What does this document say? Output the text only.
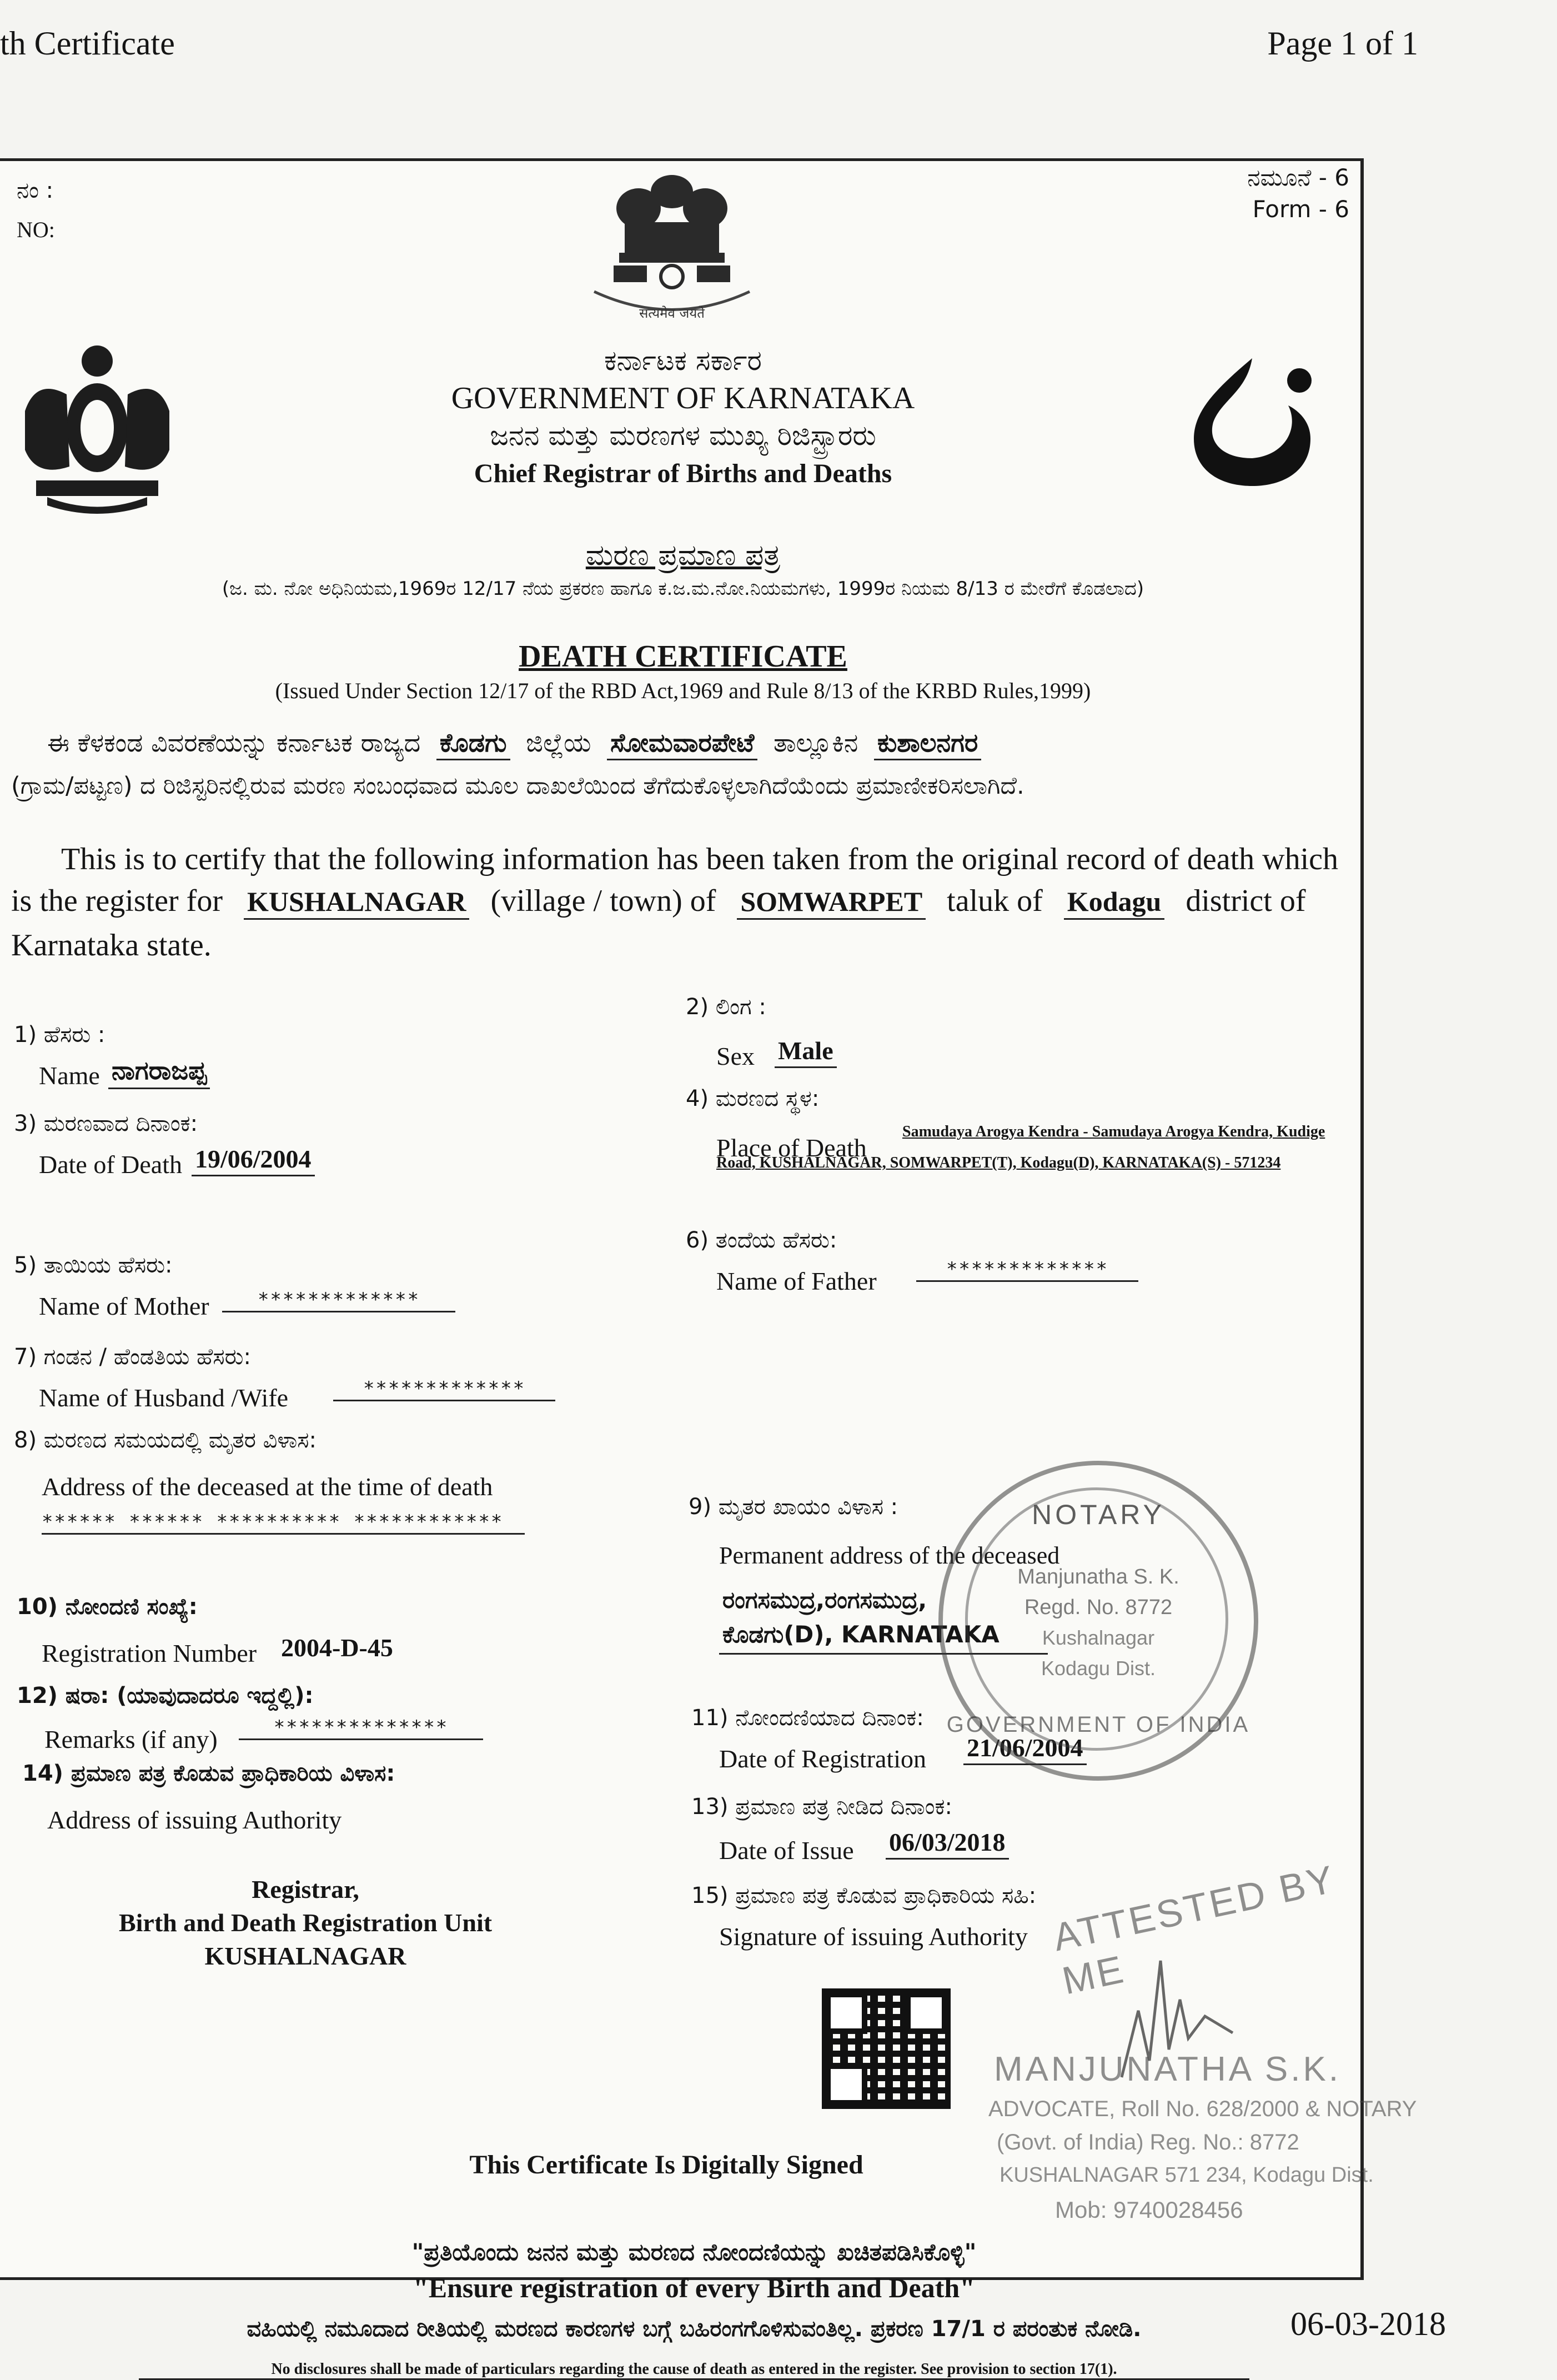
th Certificate	Page 1 of 1
ನಂ :
NO:
ನಮೂನೆ - 6
Form - 6
सत्यमेव जयते
ಕರ್ನಾಟಕ ಸರ್ಕಾರ
GOVERNMENT OF KARNATAKA
ಜನನ ಮತ್ತು ಮರಣಗಳ ಮುಖ್ಯ ರಿಜಿಸ್ಟ್ರಾರರು
Chief Registrar of Births and Deaths
ಮರಣ ಪ್ರಮಾಣ ಪತ್ರ
(ಜ. ಮ. ನೋ ಅಧಿನಿಯಮ,1969ರ 12/17 ನೆಯ ಪ್ರಕರಣ ಹಾಗೂ ಕ.ಜ.ಮ.ನೋ.ನಿಯಮಗಳು, 1999ರ ನಿಯಮ 8/13 ರ ಮೇರೆಗೆ ಕೊಡಲಾದ)
DEATH CERTIFICATE
(Issued Under Section 12/17 of the RBD Act,1969 and Rule 8/13 of the KRBD Rules,1999)
ಈ ಕೆಳಕಂಡ ವಿವರಣೆಯನ್ನು ಕರ್ನಾಟಕ ರಾಜ್ಯದ ಕೊಡಗು ಜಿಲ್ಲೆಯ ಸೋಮವಾರಪೇಟೆ ತಾಲ್ಲೂಕಿನ ಕುಶಾಲನಗರ
(ಗ್ರಾಮ/ಪಟ್ಟಣ) ದ ರಿಜಿಸ್ಟರಿನಲ್ಲಿರುವ ಮರಣ ಸಂಬಂಧವಾದ ಮೂಲ ದಾಖಲೆಯಿಂದ ತೆಗೆದುಕೊಳ್ಳಲಾಗಿದೆಯೆಂದು ಪ್ರಮಾಣೀಕರಿಸಲಾಗಿದೆ.
This is to certify that the following information has been taken from the original record of death which
is the register for KUSHALNAGAR (village / town) of SOMWARPET taluk of Kodagu district of
Karnataka state.
1) ಹೆಸರು :
Name ನಾಗರಾಜಪ್ಪ
3) ಮರಣವಾದ ದಿನಾಂಕ:
Date of Death 19/06/2004
5) ತಾಯಿಯ ಹೆಸರು:
Name of Mother	*************
7) ಗಂಡನ / ಹೆಂಡತಿಯ ಹೆಸರು:
Name of Husband /Wife	*************
8) ಮರಣದ ಸಮಯದಲ್ಲಿ ಮೃತರ ವಿಳಾಸ:
Address of the deceased at the time of death
****** ****** ********** ************
10) ನೋಂದಣಿ ಸಂಖ್ಯೆ:
Registration Number 2004-D-45
12) ಷರಾ: (ಯಾವುದಾದರೂ ಇದ್ದಲ್ಲಿ):
Remarks (if any)	**************
14) ಪ್ರಮಾಣ ಪತ್ರ ಕೊಡುವ ಪ್ರಾಧಿಕಾರಿಯ ವಿಳಾಸ:
Address of issuing Authority
Registrar,
Birth and Death Registration Unit
KUSHALNAGAR
2) ಲಿಂಗ :
Sex Male
4) ಮರಣದ ಸ್ಥಳ:
Place of Death
Samudaya Arogya Kendra - Samudaya Arogya Kendra, Kudige Road, KUSHALNAGAR, SOMWARPET(T), Kodagu(D), KARNATAKA(S) - 571234
6) ತಂದೆಯ ಹೆಸರು:
Name of Father	*************
9) ಮೃತರ ಖಾಯಂ ವಿಳಾಸ :
Permanent address of the deceased
ರಂಗಸಮುದ್ರ,ರಂಗಸಮುದ್ರ, ಕೊಡಗು(D), KARNATAKA
11) ನೋಂದಣಿಯಾದ ದಿನಾಂಕ:
Date of Registration 21/06/2004
13) ಪ್ರಮಾಣ ಪತ್ರ ನೀಡಿದ ದಿನಾಂಕ:
Date of Issue 06/03/2018
15) ಪ್ರಮಾಣ ಪತ್ರ ಕೊಡುವ ಪ್ರಾಧಿಕಾರಿಯ ಸಹಿ:
Signature of issuing Authority
This Certificate Is Digitally Signed
"ಪ್ರತಿಯೊಂದು ಜನನ ಮತ್ತು ಮರಣದ ನೋಂದಣಿಯನ್ನು ಖಚಿತಪಡಿಸಿಕೊಳ್ಳಿ"
"Ensure registration of every Birth and Death"
ವಹಿಯಲ್ಲಿ ನಮೂದಾದ ರೀತಿಯಲ್ಲಿ ಮರಣದ ಕಾರಣಗಳ ಬಗ್ಗೆ ಬಹಿರಂಗಗೊಳಿಸುವಂತಿಲ್ಲ. ಪ್ರಕರಣ 17/1 ರ ಪರಂತುಕ ನೋಡಿ.
No disclosures shall be made of particulars regarding the cause of death as entered in the register. See provision to section 17(1).
NOTARY
Manjunatha S. K.
Regd. No. 8772
Kushalnagar
Kodagu Dist.
GOVERNMENT OF INDIA
ATTESTED BY ME
MANJUNATHA S.K.
ADVOCATE, Roll No. 628/2000 & NOTARY
(Govt. of India) Reg. No.: 8772
KUSHALNAGAR 571 234, Kodagu Dist.
Mob: 9740028456
06-03-2018
